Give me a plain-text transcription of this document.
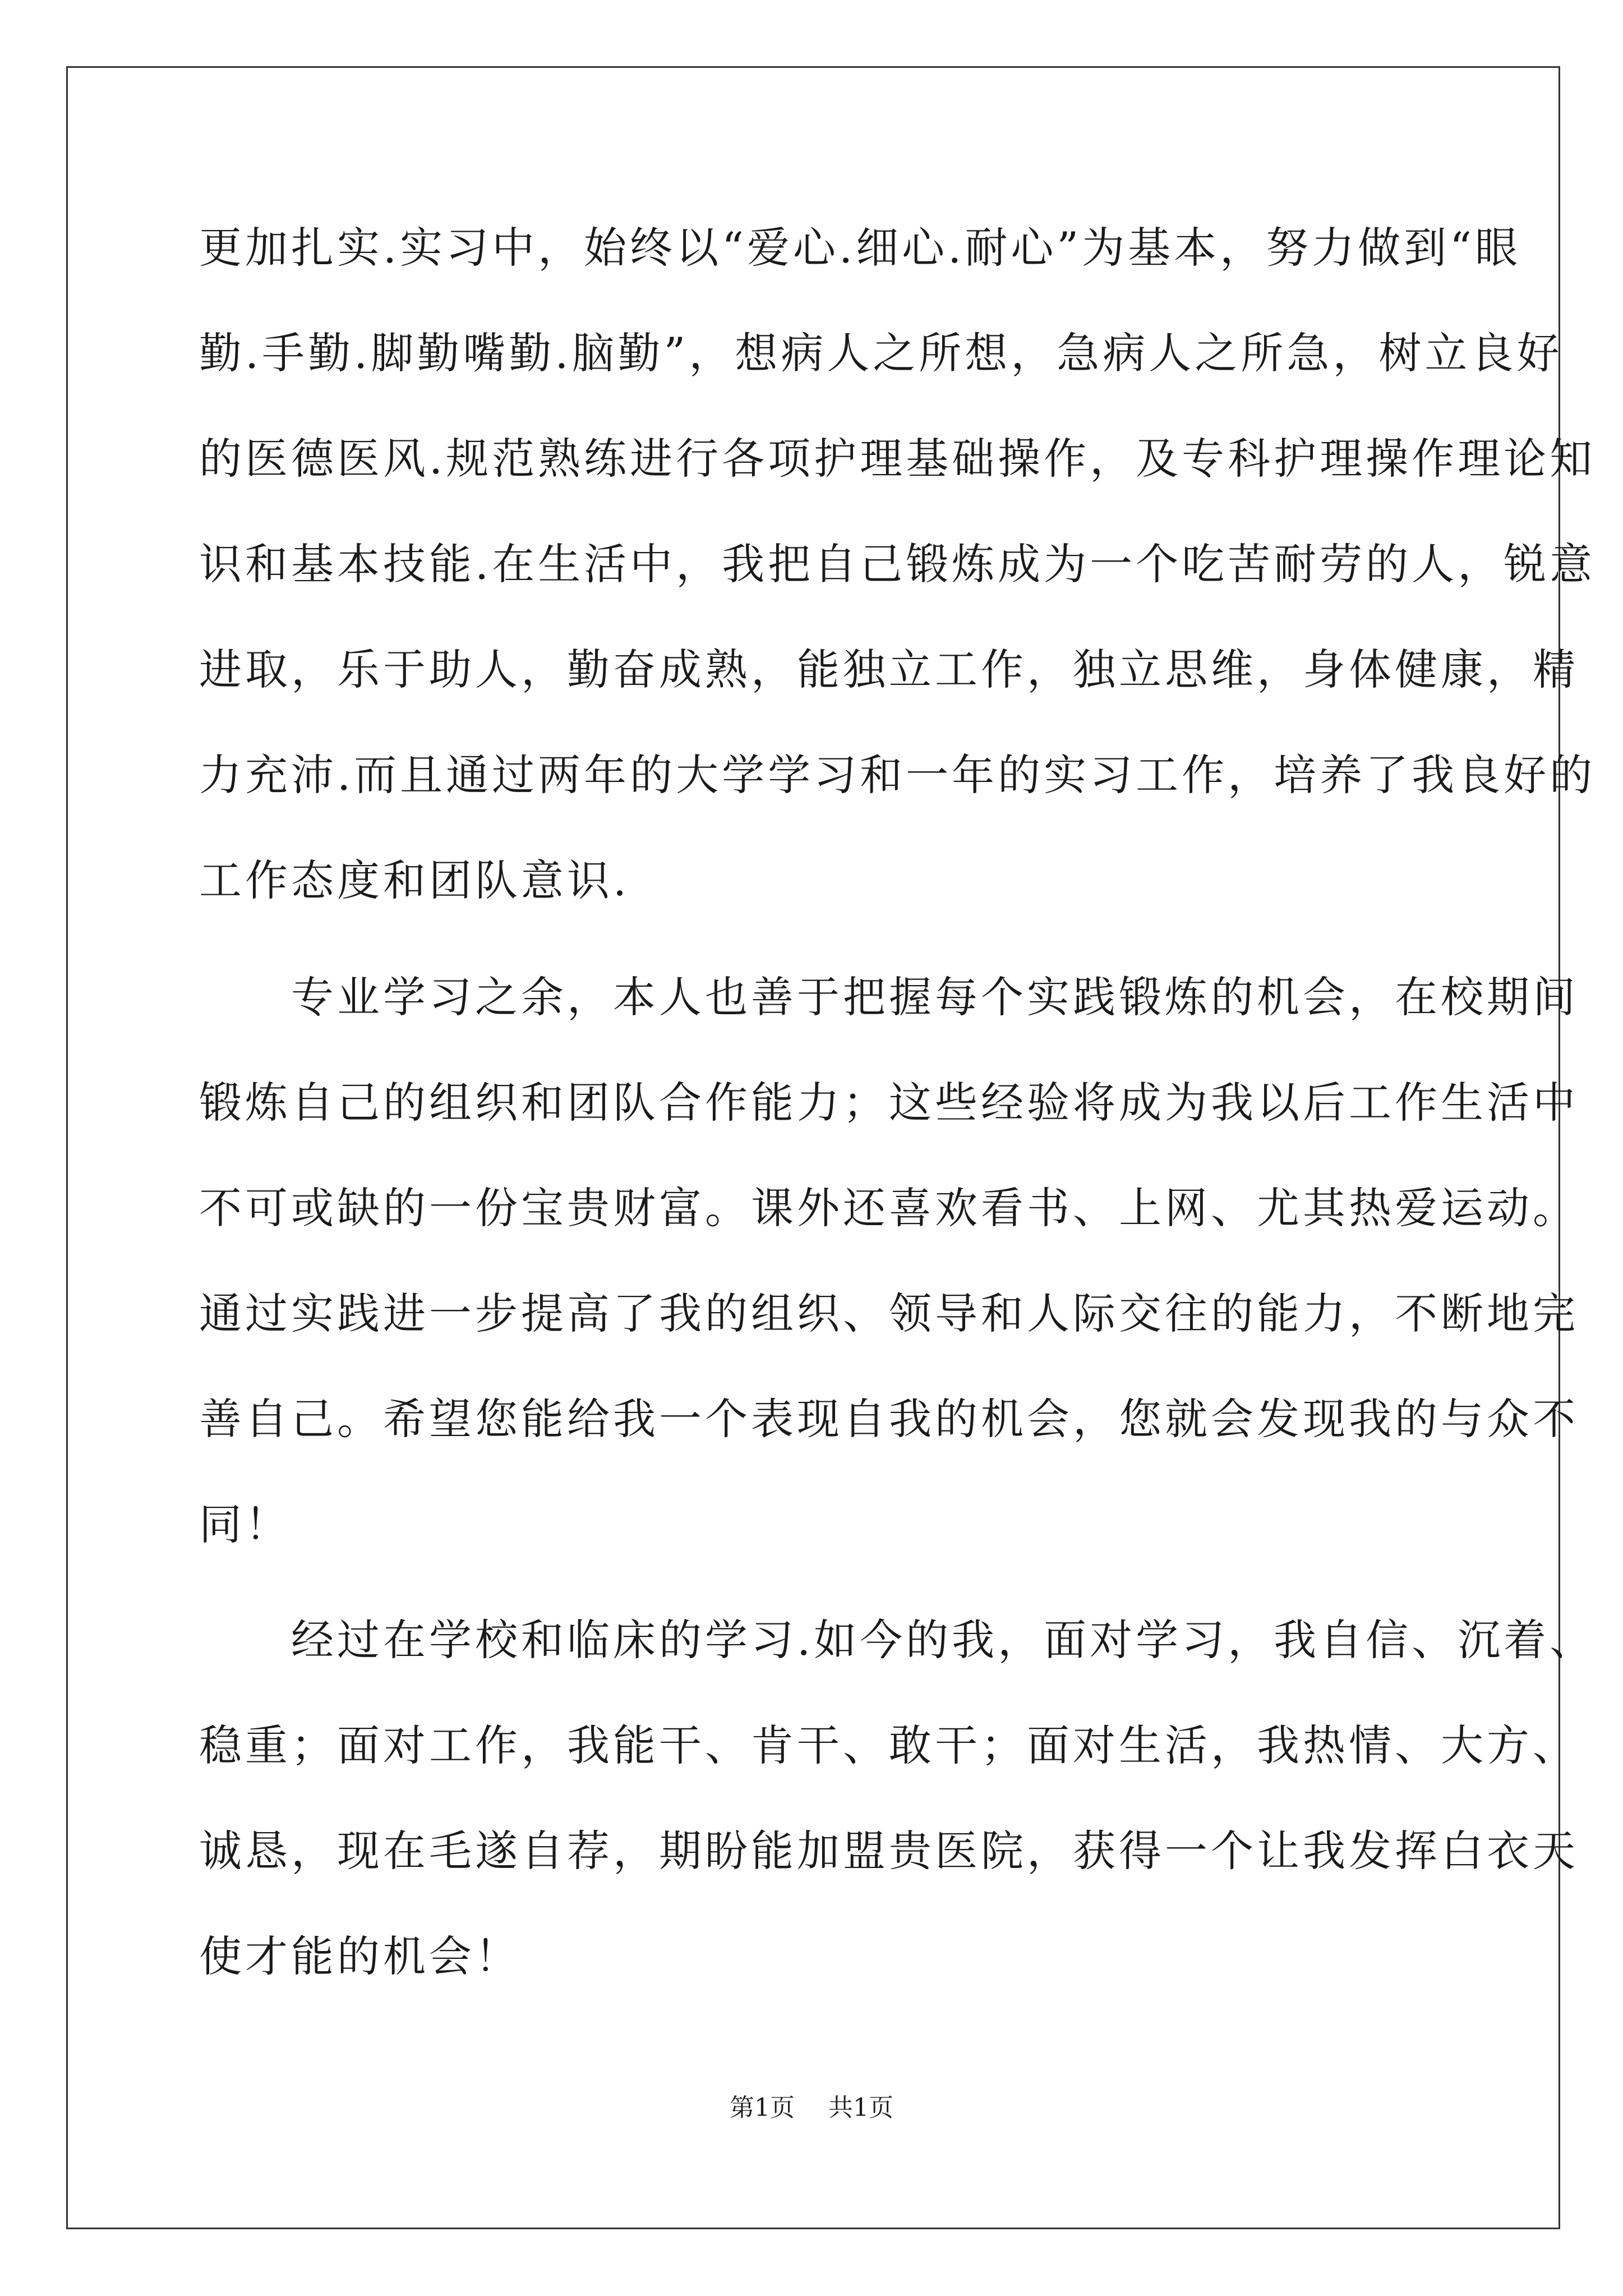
更加扎实.实习中，始终以“爱心.细心.耐心”为基本，努力做到“眼
勤.手勤.脚勤嘴勤.脑勤”，想病人之所想，急病人之所急，树立良好
的医德医风.规范熟练进行各项护理基础操作，及专科护理操作理论知
识和基本技能.在生活中，我把自己锻炼成为一个吃苦耐劳的人，锐意
进取，乐于助人，勤奋成熟，能独立工作，独立思维，身体健康，精
力充沛.而且通过两年的大学学习和一年的实习工作，培养了我良好的
工作态度和团队意识.
　　专业学习之余，本人也善于把握每个实践锻炼的机会，在校期间
锻炼自己的组织和团队合作能力；这些经验将成为我以后工作生活中
不可或缺的一份宝贵财富。课外还喜欢看书、上网、尤其热爱运动。
通过实践进一步提高了我的组织、领导和人际交往的能力，不断地完
善自己。希望您能给我一个表现自我的机会，您就会发现我的与众不
同！
　　经过在学校和临床的学习.如今的我，面对学习，我自信、沉着、
稳重；面对工作，我能干、肯干、敢干；面对生活，我热情、大方、
诚恳，现在毛遂自荐，期盼能加盟贵医院，获得一个让我发挥白衣天
使才能的机会！
第1页 共1页
